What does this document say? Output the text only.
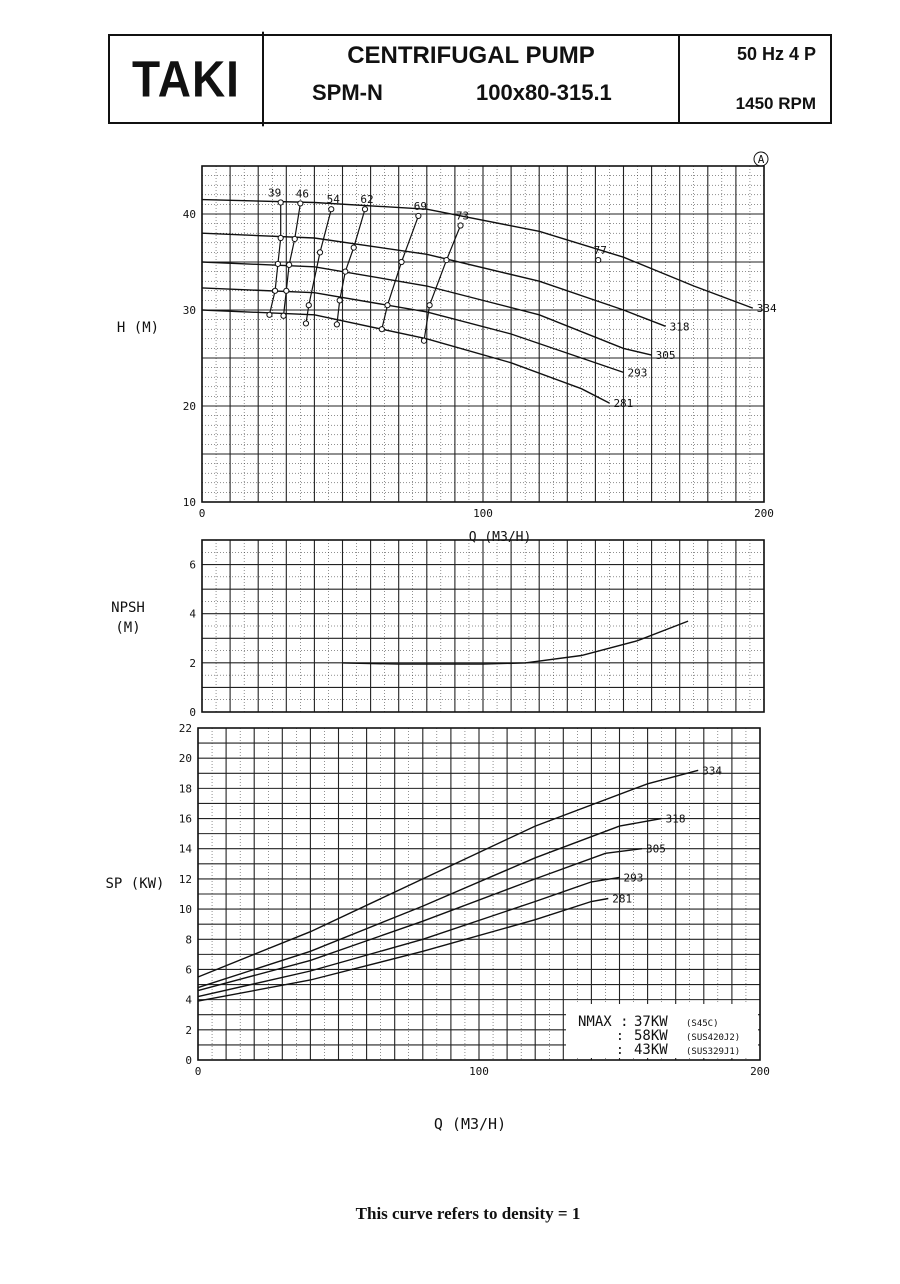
TAKI	CENTRIFUGAL PUMP
SPM-N	100x80-315.1
50 Hz 4 P
1450 RPM
10
20
30
40
0	100	200
334
318
305
293
281
39 46 54 62
69
73
77
H (M)
A
0
2
4
6
NPSH
(M)
0
2
4
6
8
10
12
14
16
18
20
22
0	100	200
334
318
305
293
281
SP (KW)
NMAX : 37KW (S45C)
: 58KW (SUS420J2)
: 43KW (SUS329J1)
Q (M3/H)
Q (M3/H)
This curve refers to density = 1
